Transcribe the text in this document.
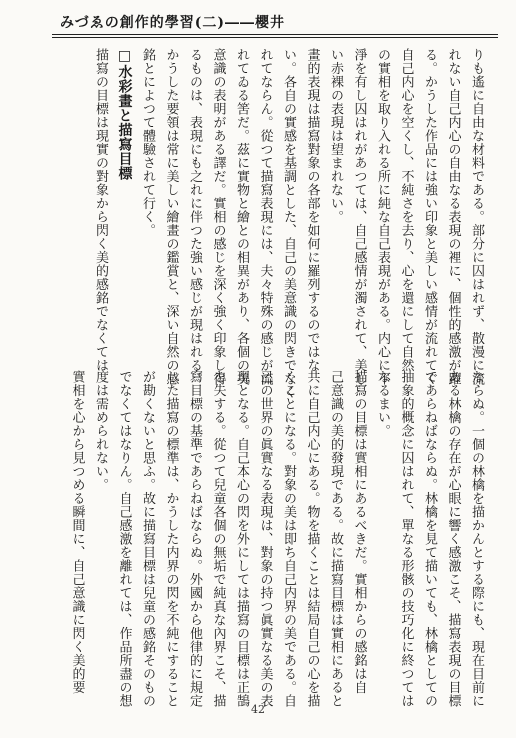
みづゑの創作的學習(二)――櫻井
りも遙に自由な材料である。部分に囚はれず、散漫に流
れない自己内心の自由なる表現の裡に、個性的感激が躍
る。かうした作品には強い印象と美しい感情が流れてく
自己内心を空くし、不純さを去り、心を還にして自然
の實相を取り入れる所に純な自己表現がある。内心に不
淨を有し囚はれがあつては、自己感情が濁されて、美し
い赤裸の表現は望まれない。
畫的表現は描寫對象の各部を如何に羅列するのではな
い。各自の實感を基調とした、自己の美意識の閃きでなく
れてならん。從つて描寫表現には、夫々特殊の感じが流
れてゐる筈だ。茲に實物と繪との相異があり、各個の美
意識の表明がある譯だ。實相の感じを深く強く印象し得
るものは、表現にも之れに伴つた強い感じが現はれる。
かうした要領は常に美しい繪畫の鑑賞と、深い自然の感
銘とによつて體驗されて行く。
□水彩畫と描寫目標
描寫の目標は現實の對象から閃く美的感銘でなくては
ならぬ。一個の林檎を描かんとする際にも、現在目前に
ある林檎の存在が心眼に響く感激こそ、描寫表現の目標
であらねばならぬ。林檎を見て描いても、林檎としての
抽象的概念に囚はれて、單なる形骸の技巧化に終つては
なるまい。
描寫の目標は實相にあるべきだ。實相からの感銘は自
己意識の美的發現である。故に描寫目標は實相にあると
共に自己内心にある。物を描くことは結局自己の心を描
くことになる。對象の美は即ち自己内界の美である。自
己の世界の眞實なる表現は、對象の持つ眞實なる美の表
現となる。自己本心の閃を外にしては描寫の目標は正鵠
を失する。從つて兒童各個の無垢で純真な內界こそ、描
寫目標の基準であらねばならぬ。外國から他律的に規定
した描寫の標準は、かうした内界の閃を不純にすること
が勘くないと思ふ。故に描寫目標は兒童の感銘そのもの
でなくてはなりん。自己感激を離れては、作品所盡の想
度は需められない。
實相を心から見つめる瞬間に、自己意識に閃く美的要
42
